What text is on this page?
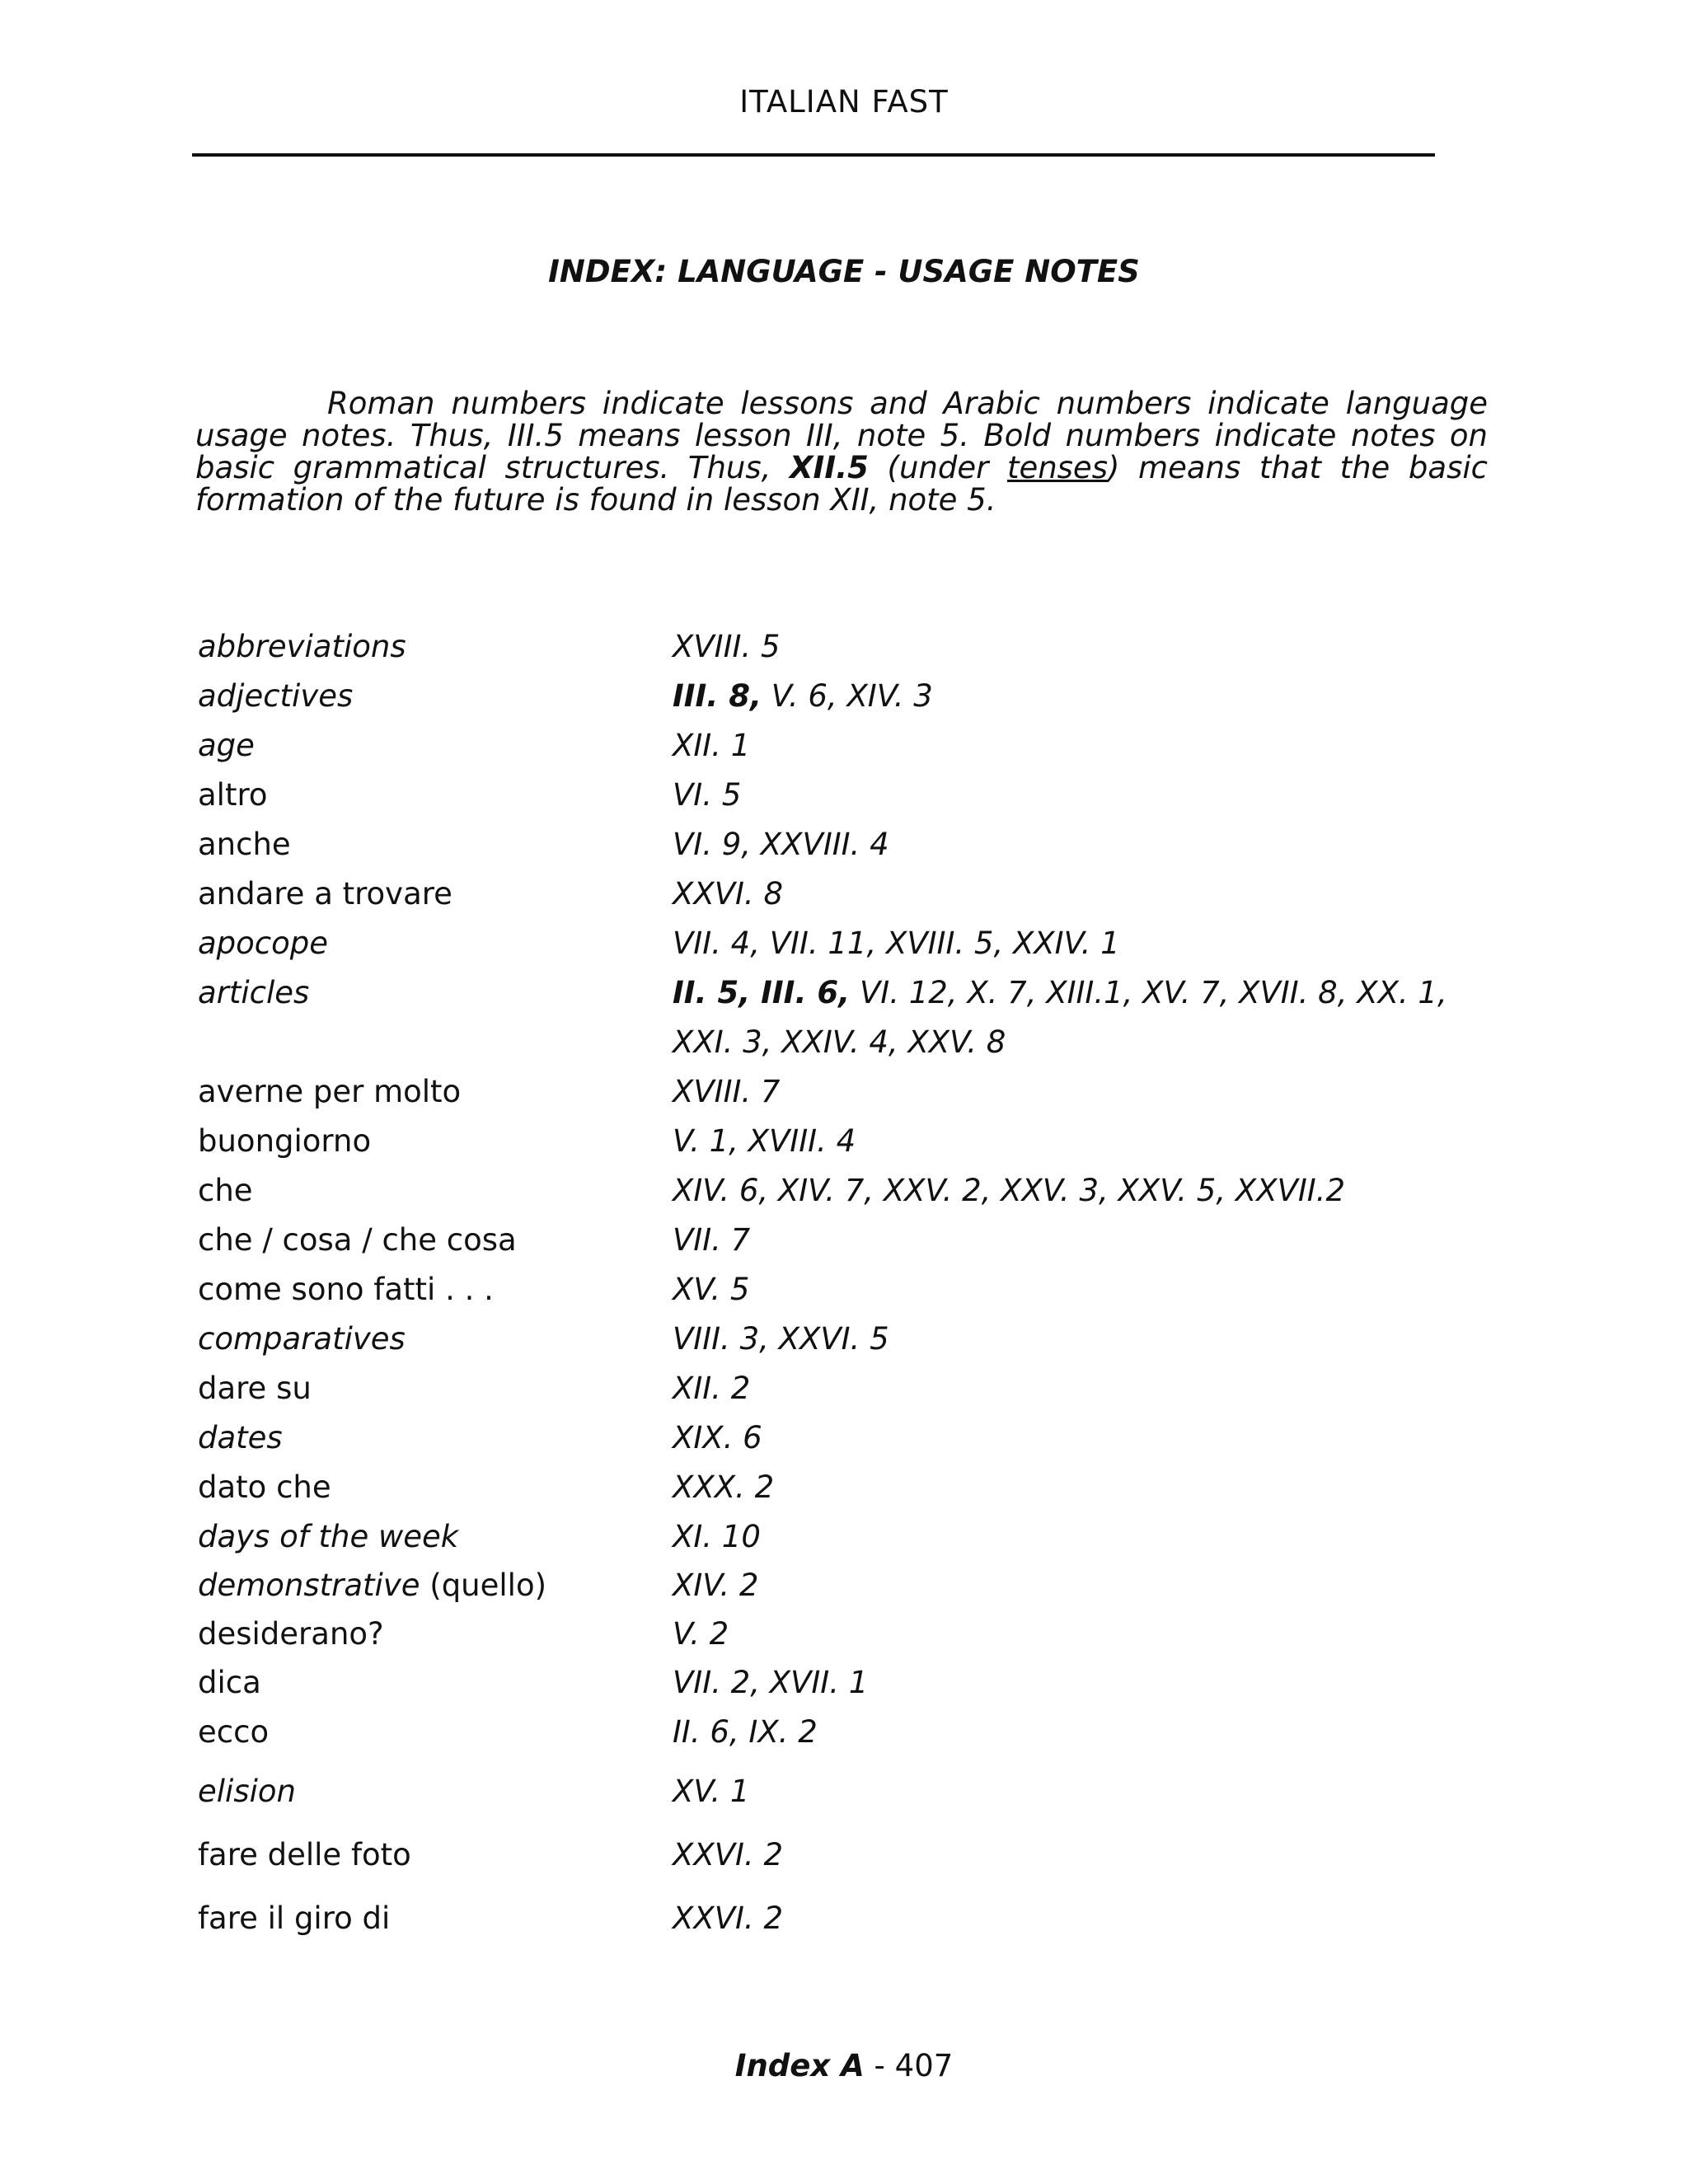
ITALIAN FAST
INDEX: LANGUAGE - USAGE NOTES
Roman numbers indicate lessons and Arabic numbers indicate language usage notes. Thus, III.5 means lesson III, note 5. Bold numbers indicate notes on basic grammatical structures. Thus, XII.5 (under tenses) means that the basic formation of the future is found in lesson XII, note 5.
abbreviations	XVIII. 5
adjectives	III. 8, V. 6, XIV. 3
age	XII. 1
altro	VI. 5
anche	VI. 9, XXVIII. 4
andare a trovare	XXVI. 8
apocope	VII. 4, VII. 11, XVIII. 5, XXIV. 1
articles	II. 5, III. 6, VI. 12, X. 7, XIII.1, XV. 7, XVII. 8, XX. 1,
XXI. 3, XXIV. 4, XXV. 8
averne per molto	XVIII. 7
buongiorno	V. 1, XVIII. 4
che	XIV. 6, XIV. 7, XXV. 2, XXV. 3, XXV. 5, XXVII.2
che / cosa / che cosa	VII. 7
come sono fatti . . .	XV. 5
comparatives	VIII. 3, XXVI. 5
dare su	XII. 2
dates	XIX. 6
dato che	XXX. 2
days of the week	XI. 10
demonstrative (quello)	XIV. 2
desiderano?	V. 2
dica	VII. 2, XVII. 1
ecco	II. 6, IX. 2
elision	XV. 1
fare delle foto	XXVI. 2
fare il giro di	XXVI. 2
Index A - 407
